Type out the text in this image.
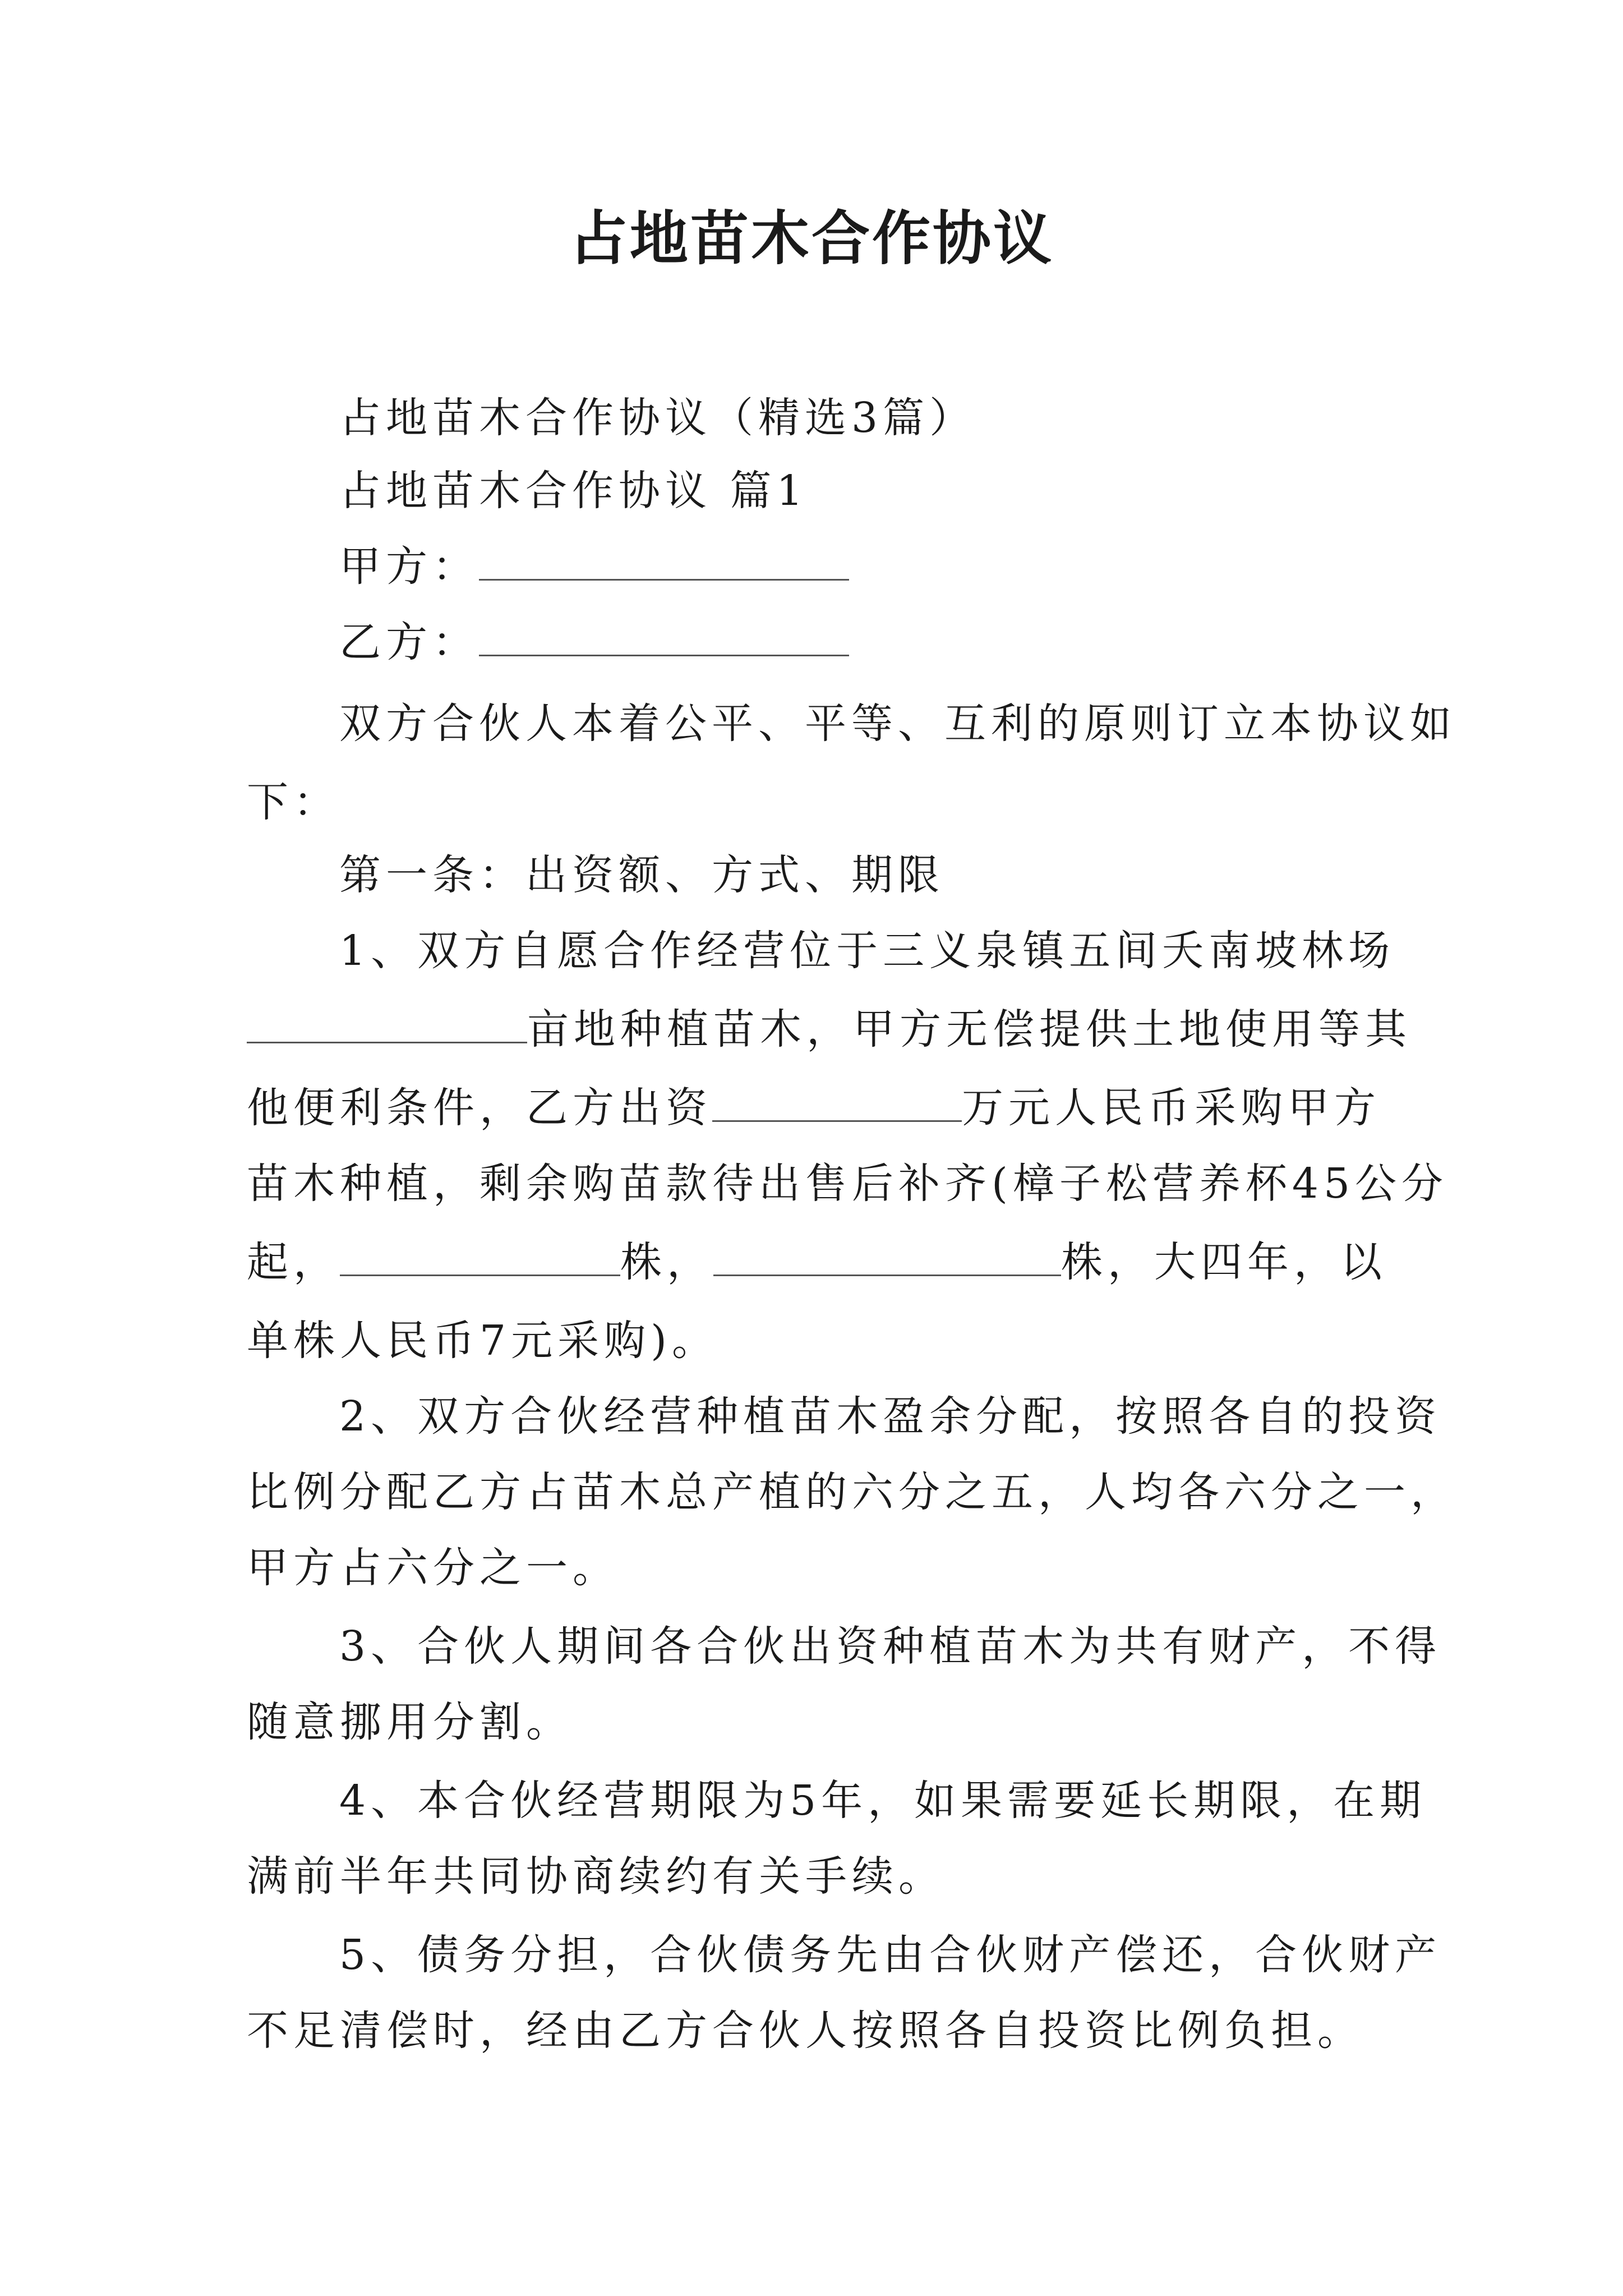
占地苗木合作协议
占地苗木合作协议（精选3篇）
占地苗木合作协议 篇1
甲方：
乙方：
双方合伙人本着公平、平等、互利的原则订立本协议如
下：
第一条：出资额、方式、期限
1、双方自愿合作经营位于三义泉镇五间夭南坡林场
亩地种植苗木，甲方无偿提供土地使用等其
他便利条件，乙方出资	万元人民币采购甲方
苗木种植，剩余购苗款待出售后补齐(樟子松营养杯45公分
起，	株，	株，大四年，以
单株人民币7元采购)。
2、双方合伙经营种植苗木盈余分配，按照各自的投资
比例分配乙方占苗木总产植的六分之五，人均各六分之一，
甲方占六分之一。
3、合伙人期间各合伙出资种植苗木为共有财产，不得
随意挪用分割。
4、本合伙经营期限为5年，如果需要延长期限，在期
满前半年共同协商续约有关手续。
5、债务分担，合伙债务先由合伙财产偿还，合伙财产
不足清偿时，经由乙方合伙人按照各自投资比例负担。
